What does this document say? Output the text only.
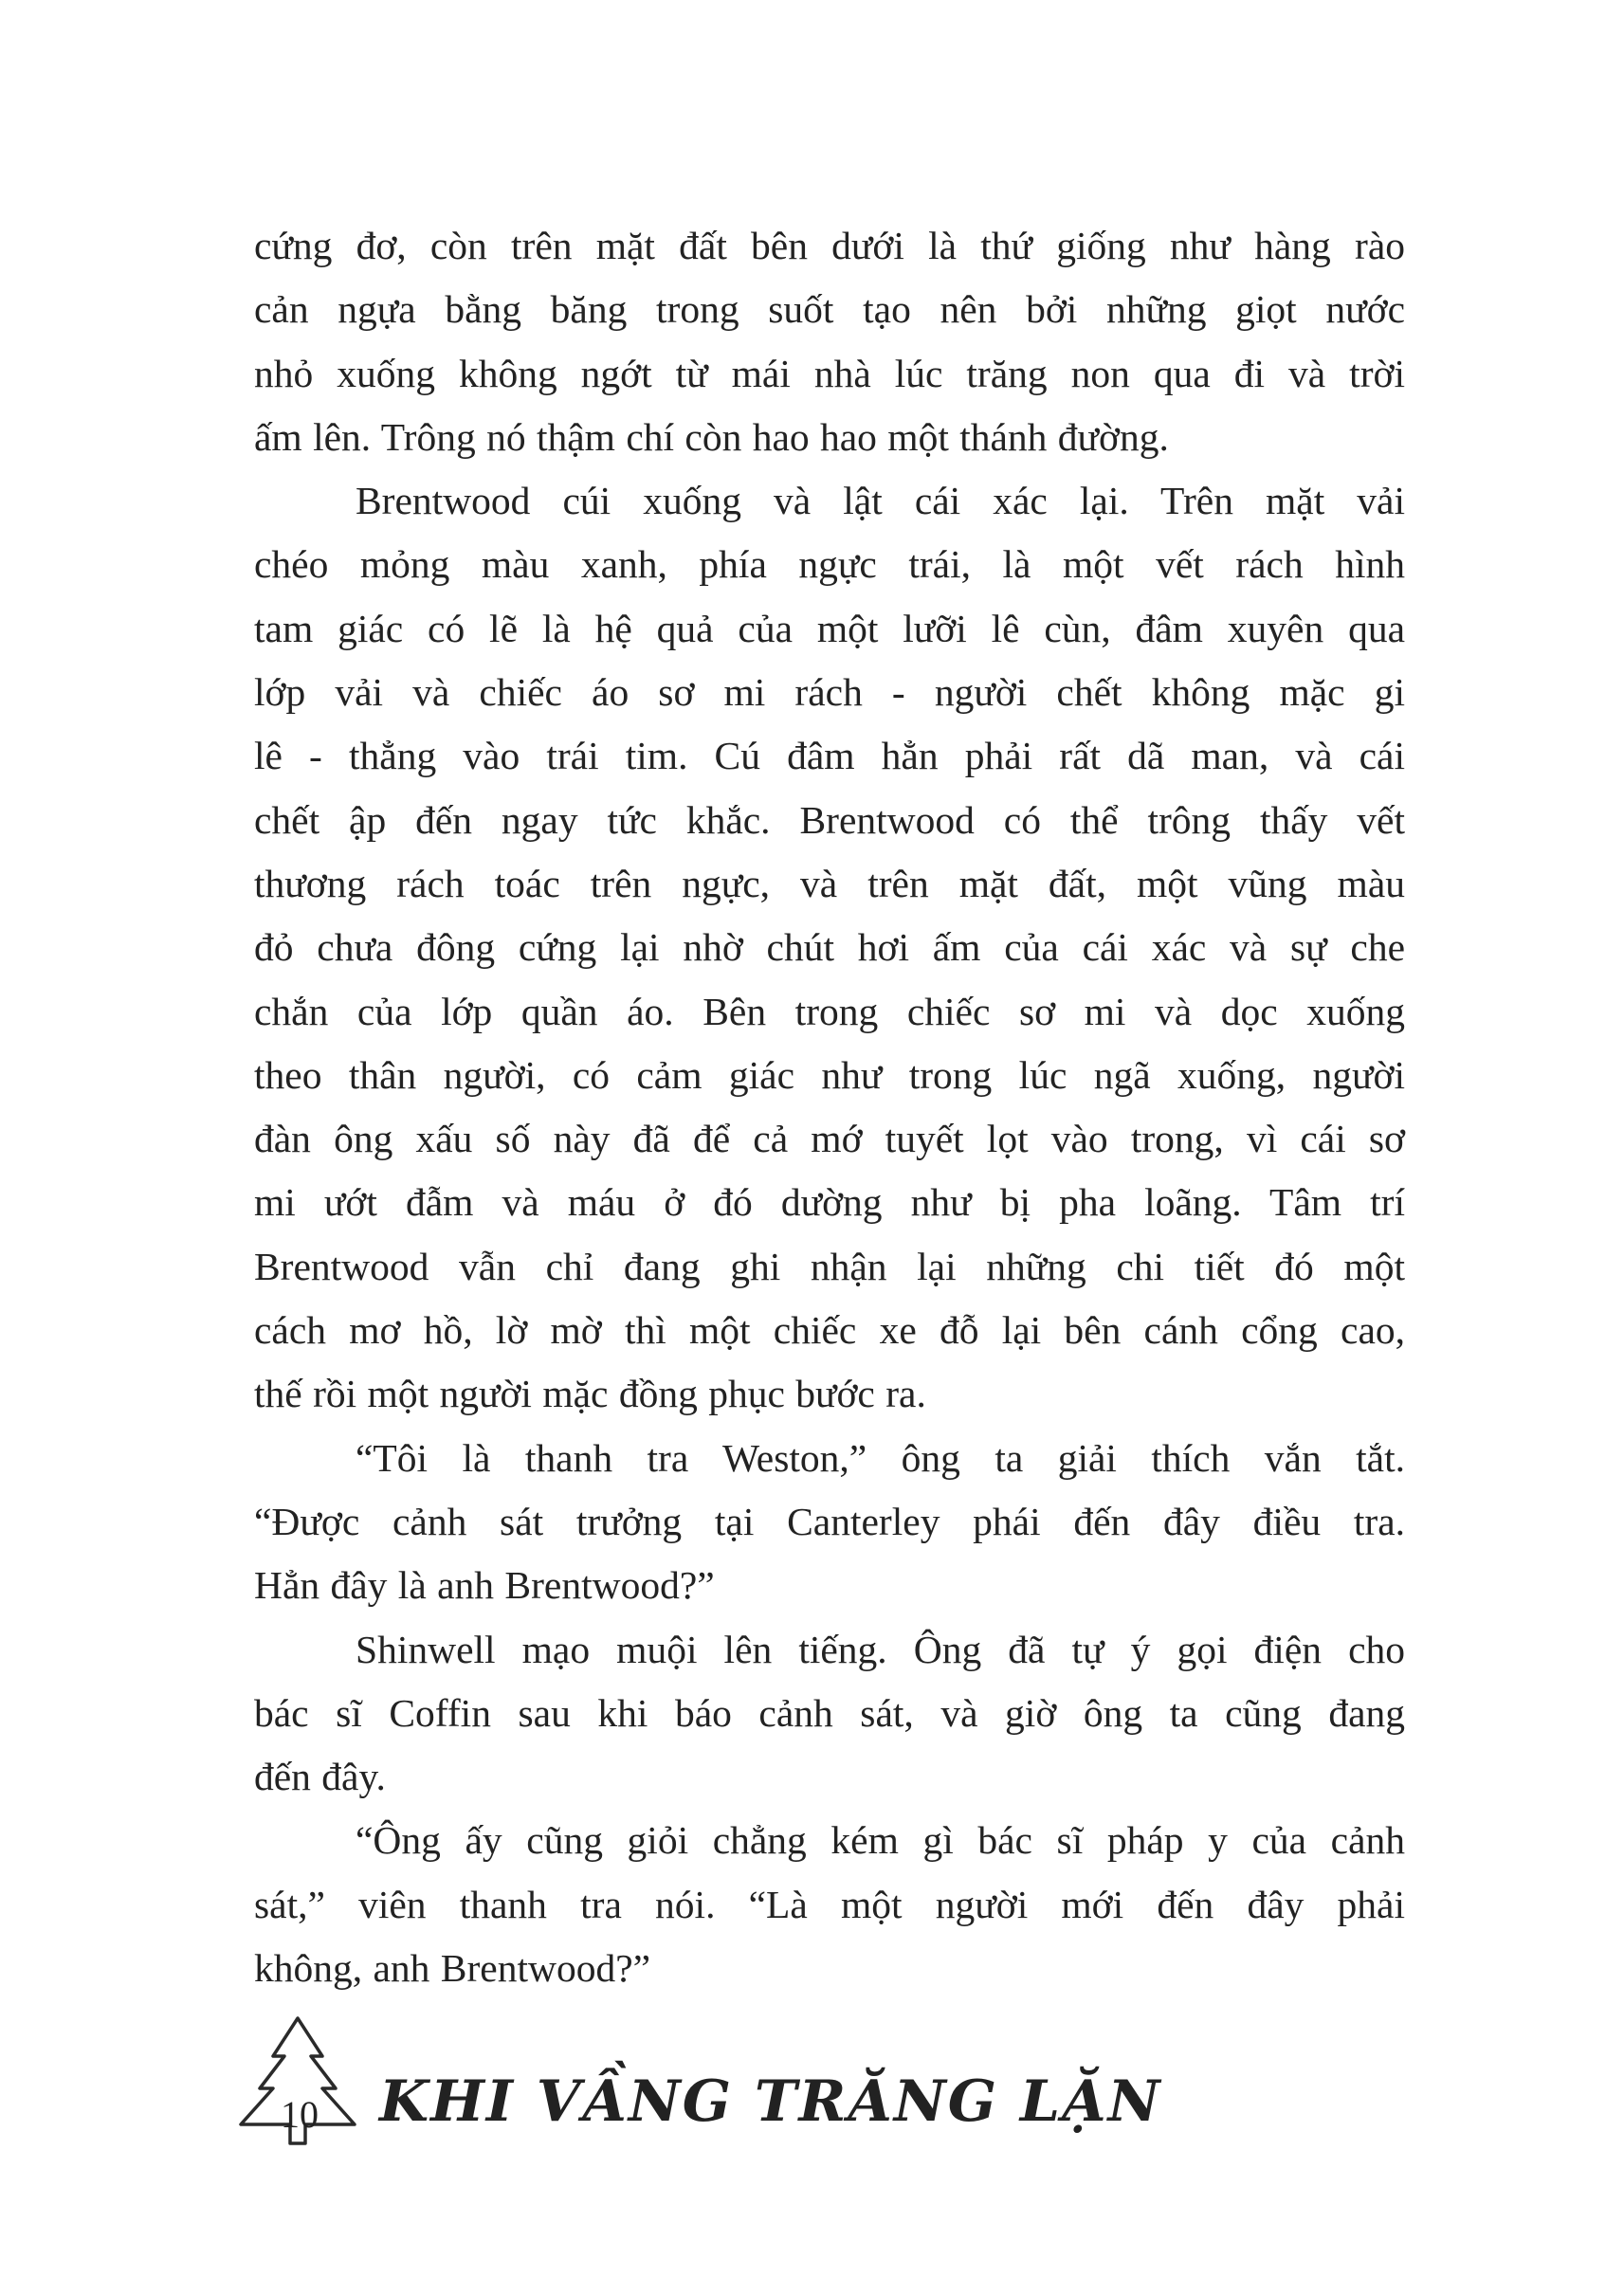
cứng đơ, còn trên mặt đất bên dưới là thứ giống như hàng rào
cản ngựa bằng băng trong suốt tạo nên bởi những giọt nước
nhỏ xuống không ngớt từ mái nhà lúc trăng non qua đi và trời
ấm lên. Trông nó thậm chí còn hao hao một thánh đường.

Brentwood cúi xuống và lật cái xác lại. Trên mặt vải
chéo mỏng màu xanh, phía ngực trái, là một vết rách hình
tam giác có lẽ là hệ quả của một lưỡi lê cùn, đâm xuyên qua
lớp vải và chiếc áo sơ mi rách - người chết không mặc gi
lê - thẳng vào trái tim. Cú đâm hẳn phải rất dã man, và cái
chết ập đến ngay tức khắc. Brentwood có thể trông thấy vết
thương rách toác trên ngực, và trên mặt đất, một vũng màu
đỏ chưa đông cứng lại nhờ chút hơi ấm của cái xác và sự che
chắn của lớp quần áo. Bên trong chiếc sơ mi và dọc xuống
theo thân người, có cảm giác như trong lúc ngã xuống, người
đàn ông xấu số này đã để cả mớ tuyết lọt vào trong, vì cái sơ
mi ướt đẫm và máu ở đó dường như bị pha loãng. Tâm trí
Brentwood vẫn chỉ đang ghi nhận lại những chi tiết đó một
cách mơ hồ, lờ mờ thì một chiếc xe đỗ lại bên cánh cổng cao,
thế rồi một người mặc đồng phục bước ra.

“Tôi là thanh tra Weston,” ông ta giải thích vắn tắt.
“Được cảnh sát trưởng tại Canterley phái đến đây điều tra.
Hẳn đây là anh Brentwood?”

Shinwell mạo muội lên tiếng. Ông đã tự ý gọi điện cho
bác sĩ Coffin sau khi báo cảnh sát, và giờ ông ta cũng đang
đến đây.

“Ông ấy cũng giỏi chẳng kém gì bác sĩ pháp y của cảnh
sát,” viên thanh tra nói. “Là một người mới đến đây phải
không, anh Brentwood?”

10 KHI VẦNG TRĂNG LẶN
